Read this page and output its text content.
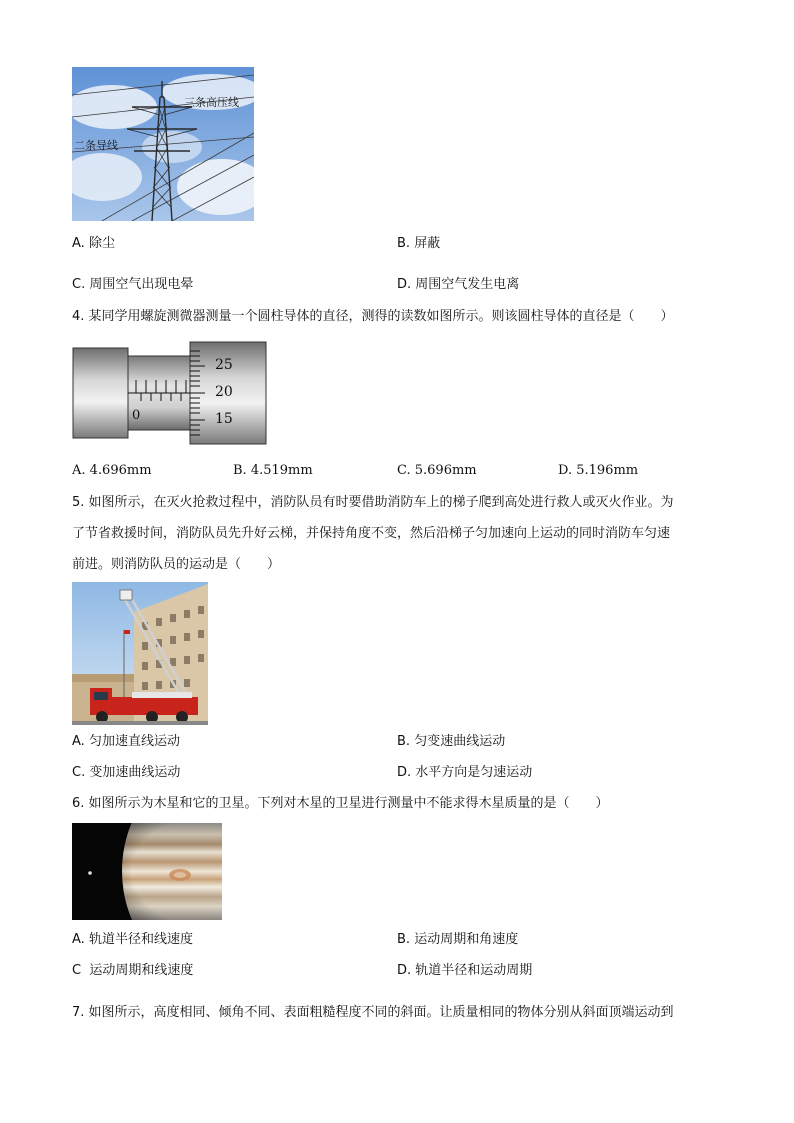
三条高压线
二条导线
A. 除尘	B. 屏蔽
C. 周围空气出现电晕	D. 周围空气发生电离
4. 某同学用螺旋测微器测量一个圆柱导体的直径，测得的读数如图所示。则该圆柱导体的直径是（　　）
25
20
15
0
A. 4.696mm	B. 4.519mm	C. 5.696mm	D. 5.196mm
5. 如图所示，在灭火抢救过程中，消防队员有时要借助消防车上的梯子爬到高处进行救人或灭火作业。为
了节省救援时间，消防队员先升好云梯，并保持角度不变，然后沿梯子匀加速向上运动的同时消防车匀速
前进。则消防队员的运动是（　　）
A. 匀加速直线运动	B. 匀变速曲线运动
C. 变加速曲线运动	D. 水平方向是匀速运动
6. 如图所示为木星和它的卫星。下列对木星的卫星进行测量中不能求得木星质量的是（　　）
A. 轨道半径和线速度	B. 运动周期和角速度
C 运动周期和线速度	D. 轨道半径和运动周期
7. 如图所示，高度相同、倾角不同、表面粗糙程度不同的斜面。让质量相同的物体分别从斜面顶端运动到
